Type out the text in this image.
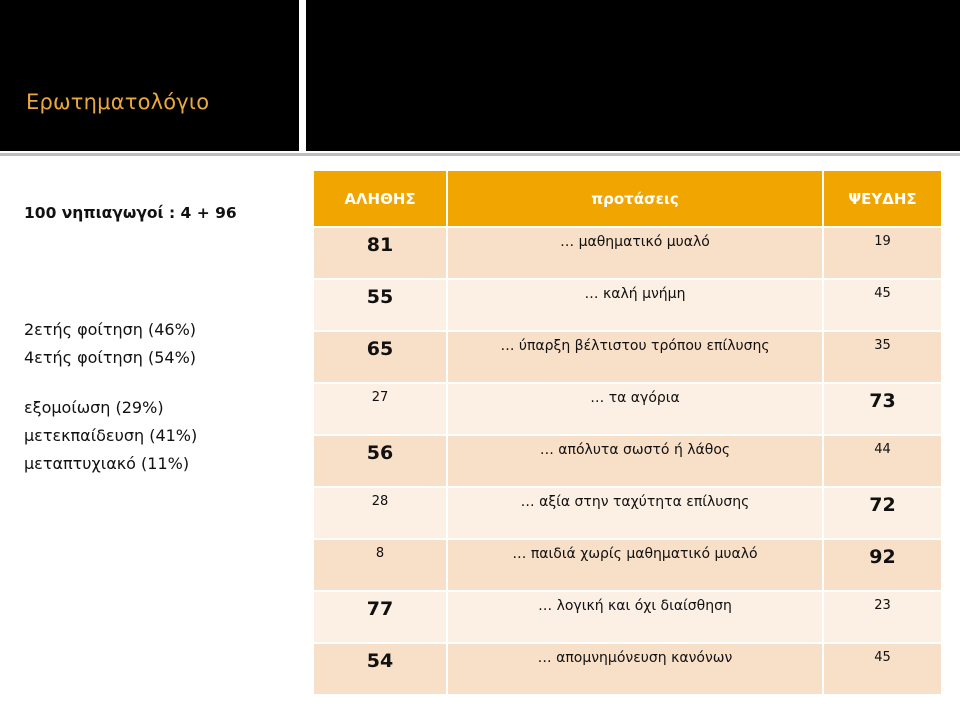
Ερωτηματολόγιο
100 νηπιαγωγοί : 4 + 96
2ετής φοίτηση (46%)
4ετής φοίτηση (54%)
εξομοίωση (29%)
μετεκπαίδευση (41%)
μεταπτυχιακό (11%)
ΑΛΗΘΗΣ	προτάσεις	ΨΕΥΔΗΣ
81	… μαθηματικό μυαλό	19
55	… καλή μνήμη	45
65	… ύπαρξη βέλτιστου τρόπου επίλυσης	35
27	… τα αγόρια	73
56	… απόλυτα σωστό ή λάθος	44
28	… αξία στην ταχύτητα επίλυσης	72
8	… παιδιά χωρίς μαθηματικό μυαλό	92
77	… λογική και όχι διαίσθηση	23
54	… απομνημόνευση κανόνων	45
